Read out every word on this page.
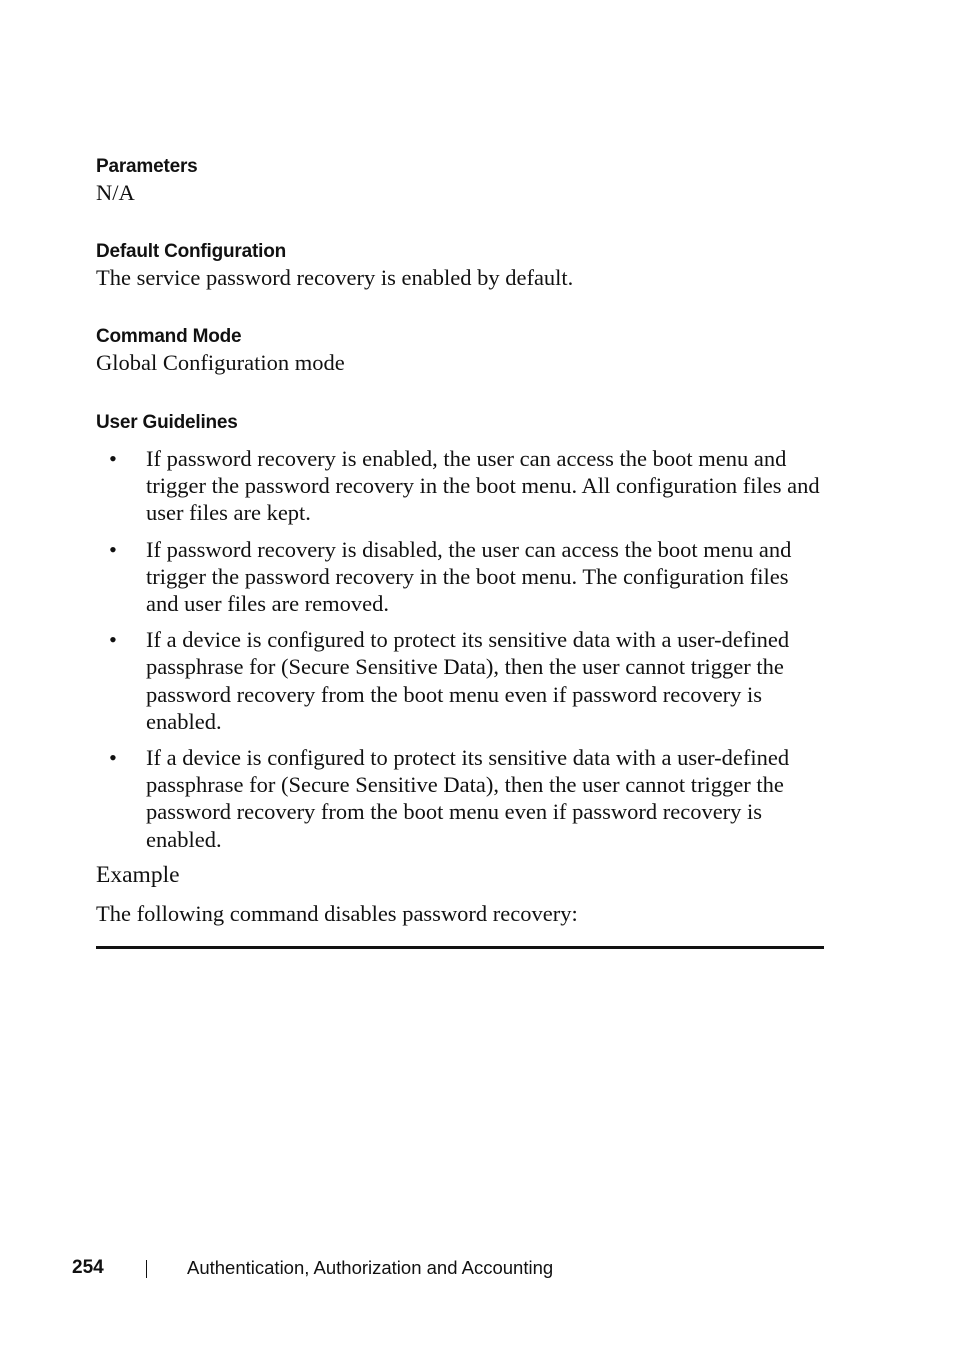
Parameters
N/A
Default Configuration
The service password recovery is enabled by default.
Command Mode
Global Configuration mode
User Guidelines
• If password recovery is enabled, the user can access the boot menu and
trigger the password recovery in the boot menu. All configuration files and
user files are kept.
• If password recovery is disabled, the user can access the boot menu and
trigger the password recovery in the boot menu. The configuration files
and user files are removed.
• If a device is configured to protect its sensitive data with a user-defined
passphrase for (Secure Sensitive Data), then the user cannot trigger the
password recovery from the boot menu even if password recovery is
enabled.
• If a device is configured to protect its sensitive data with a user-defined
passphrase for (Secure Sensitive Data), then the user cannot trigger the
password recovery from the boot menu even if password recovery is
enabled.
Example
The following command disables password recovery:
254	Authentication, Authorization and Accounting
